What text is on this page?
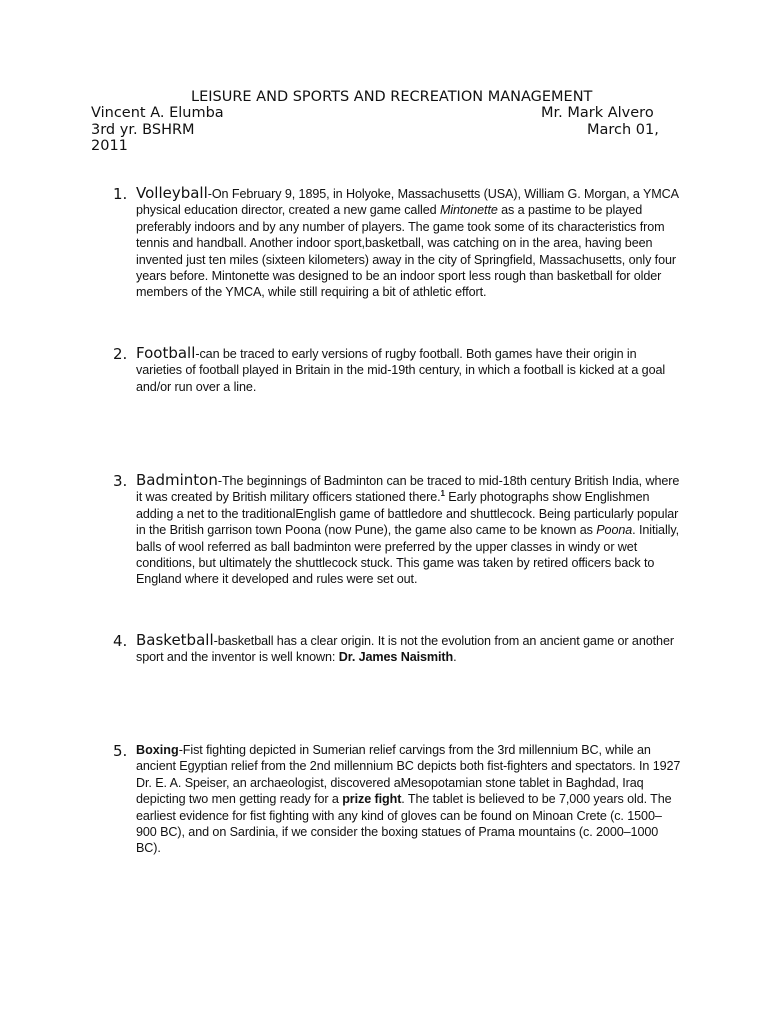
LEISURE AND SPORTS AND RECREATION MANAGEMENT
Vincent A. Elumba	Mr. Mark Alvero
3rd yr. BSHRM	March 01,
2011
1. Volleyball-On February 9, 1895, in Holyoke, Massachusetts (USA), William G. Morgan, a YMCA physical education director, created a new game called Mintonette as a pastime to be played preferably indoors and by any number of players. The game took some of its characteristics from tennis and handball. Another indoor sport,basketball, was catching on in the area, having been invented just ten miles (sixteen kilometers) away in the city of Springfield, Massachusetts, only four years before. Mintonette was designed to be an indoor sport less rough than basketball for older members of the YMCA, while still requiring a bit of athletic effort.
2. Football-can be traced to early versions of rugby football. Both games have their origin in varieties of football played in Britain in the mid-19th century, in which a football is kicked at a goal and/or run over a line.
3. Badminton-The beginnings of Badminton can be traced to mid-18th century British India, where it was created by British military officers stationed there.$^1$ Early photographs show Englishmen adding a net to the traditionalEnglish game of battledore and shuttlecock. Being particularly popular in the British garrison town Poona (now Pune), the game also came to be known as Poona. Initially, balls of wool referred as ball badminton were preferred by the upper classes in windy or wet conditions, but ultimately the shuttlecock stuck. This game was taken by retired officers back to England where it developed and rules were set out.
4. Basketball-basketball has a clear origin. It is not the evolution from an ancient game or another sport and the inventor is well known: Dr. James Naismith.
5. Boxing-Fist fighting depicted in Sumerian relief carvings from the 3rd millennium BC, while an ancient Egyptian relief from the 2nd millennium BC depicts both fist-fighters and spectators. In 1927 Dr. E. A. Speiser, an archaeologist, discovered aMesopotamian stone tablet in Baghdad, Iraq depicting two men getting ready for a prize fight. The tablet is believed to be 7,000 years old. The earliest evidence for fist fighting with any kind of gloves can be found on Minoan Crete (c. 1500–900 BC), and on Sardinia, if we consider the boxing statues of Prama mountains (c. 2000–1000 BC).
